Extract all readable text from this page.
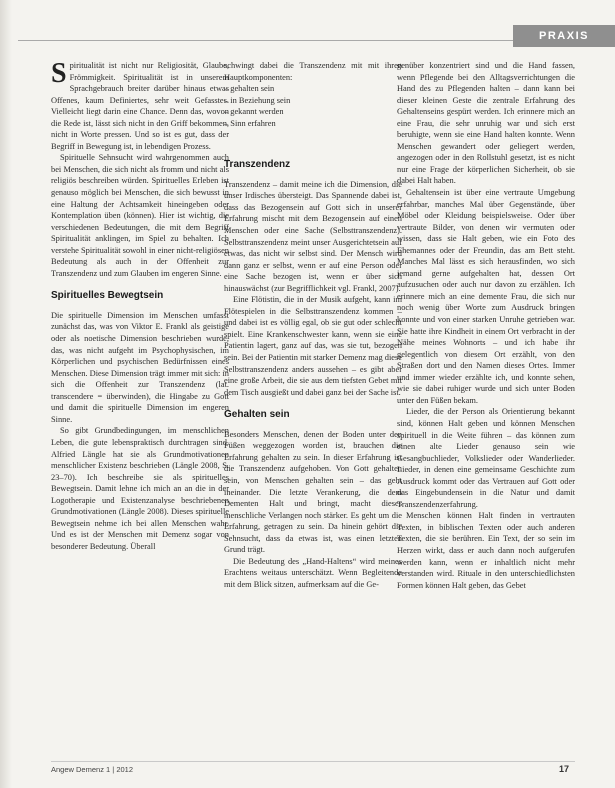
PRAXIS

Spiritualität ist nicht nur Religiosität, Glaube, Frömmigkeit. Spiritualität ist in unserem Sprachgebrauch breiter darüber hinaus etwas Offenes, kaum Definiertes, sehr weit Gefasstes. Vielleicht liegt darin eine Chance. Denn das, wovon die Rede ist, lässt sich nicht in den Griff bekommen, nicht in Worte pressen. Und so ist es gut, dass der Begriff in Bewegung ist, in lebendigen Prozess.

Spirituelle Sehnsucht wird wahrgenommen auch bei Menschen, die sich nicht als fromm und nicht als religiös beschreiben würden. Spirituelles Erleben ist genauso möglich bei Menschen, die sich bewusst in eine Haltung der Achtsamkeit hineingeben oder Kontemplation üben (können). Hier ist wichtig, die verschiedenen Bedeutungen, die mit dem Begriff Spiritualität anklingen, im Spiel zu behalten. Ich verstehe Spiritualität sowohl in einer nicht-religiösen Bedeutung als auch in der Offenheit zur Transzendenz und zum Glauben im engeren Sinne.

Spirituelles Bewegtsein

Die spirituelle Dimension im Menschen umfasst zunächst das, was von Viktor E. Frankl als geistige oder als noetische Dimension beschrieben wurde, das, was nicht aufgeht im Psychophysischen, im Körperlichen und psychischen Bedürfnissen eines Menschen. Diese Dimension trägt immer mit sich: in sich die Offenheit zur Transzendenz (lat. transcendere = überwinden), die Hingabe zu Gott und damit die spirituelle Dimension im engeren Sinne.

So gibt Grundbedingungen, im menschlichen Leben, die gute lebenspraktisch durchtragen sind. Alfried Längle hat sie als Grundmotivationen menschlicher Existenz beschrieben (Längle 2008, S. 23–70). Ich beschreibe sie als spirituelles Bewegtsein. Damit lehne ich mich an an die in der Logotherapie und Existenzanalyse beschriebenen Grundmotivationen (Längle 2008). Dieses spirituelle Bewegtsein nehme ich bei allen Menschen wahr. Und es ist der Menschen mit Demenz sogar von besonderer Bedeutung. Überall

schwingt dabei die Transzendenz mit mit ihren Hauptkomponenten:

– gehalten sein
– in Beziehung sein
– gekannt werden
– Sinn erfahren
Transzendenz

Transzendenz – damit meine ich die Dimension, die unser Irdisches übersteigt. Das Spannende dabei ist, dass das Bezogensein auf Gott sich in unserer Erfahrung mischt mit dem Bezogensein auf einen Menschen oder eine Sache (Selbsttranszendenz). Selbsttranszendenz meint unser Ausgerichtetsein auf etwas, das nicht wir selbst sind. Der Mensch wird dann ganz er selbst, wenn er auf eine Person oder eine Sache bezogen ist, wenn er über sich hinauswächst (zur Begrifflichkeit vgl. Frankl, 2007).

Eine Flötistin, die in der Musik aufgeht, kann im Flötespielen in die Selbsttranszendenz kommen – und dabei ist es völlig egal, ob sie gut oder schlecht spielt. Eine Krankenschwester kann, wenn sie eine Patientin lagert, ganz auf das, was sie tut, bezogen sein. Bei der Patientin mit starker Demenz mag diese Selbsttranszendenz anders aussehen – es gibt aber eine große Arbeit, die sie aus dem tiefsten Gebet mit dem Tisch ausgießt und dabei ganz bei der Sache ist.

Gehalten sein

Besonders Menschen, denen der Boden unter den Füßen weggezogen worden ist, brauchen die Erfahrung gehalten zu sein. In dieser Erfahrung ist die Transzendenz aufgehoben. Von Gott gehalten sein, von Menschen gehalten sein – das geht ineinander. Die letzte Verankerung, die dem Dementen Halt und bringt, macht dieses menschliche Verlangen noch stärker. Es geht um die Erfahrung, getragen zu sein. Da hinein gehört die Sehnsucht, dass da etwas ist, was einen letzten Grund trägt.

Die Bedeutung des „Hand-Haltens“ wird meines Erachtens weitaus unterschätzt. Wenn Begleitende mit dem Blick sitzen, aufmerksam auf die Ge-

genüber konzentriert sind und die Hand fassen, wenn Pflegende bei den Alltagsverrichtungen die Hand des zu Pflegenden halten – dann kann bei dieser kleinen Geste die zentrale Erfahrung des Gehaltenseins gespürt werden. Ich erinnere mich an eine Frau, die sehr unruhig war und sich erst beruhigte, wenn sie eine Hand halten konnte. Wenn Menschen gewandert oder geliegert werden, angezogen oder in den Rollstuhl gesetzt, ist es nicht nur eine Frage der körperlichen Sicherheit, ob sie dabei Halt haben.

Gehaltensein ist über eine vertraute Umgebung erfahrbar, manches Mal über Gegenstände, über Möbel oder Kleidung beispielsweise. Oder über vertraute Bilder, von denen wir vermuten oder wissen, dass sie Halt geben, wie ein Foto des Ehemannes oder der Freundin, das am Bett steht. Manches Mal lässt es sich herausfinden, wo sich jemand gerne aufgehalten hat, dessen Ort aufzusuchen oder auch nur davon zu erzählen. Ich erinnere mich an eine demente Frau, die sich nur noch wenig über Worte zum Ausdruck bringen konnte und von einer starken Unruhe getrieben war. Sie hatte ihre Kindheit in einem Ort verbracht in der Nähe meines Wohnorts – und ich habe ihr gelegentlich von diesem Ort erzählt, von den Straßen dort und den Namen dieses Ortes. Immer und immer wieder erzählte ich, und konnte sehen, wie sie dabei ruhiger wurde und sich unter Boden unter den Füßen bekam.

Lieder, die der Person als Orientierung bekannt sind, können Halt geben und können Menschen spirituell in die Weite führen – das können zum einen alte Lieder genauso sein wie Gesangbuchlieder, Volkslieder oder Wanderlieder. Lieder, in denen eine gemeinsame Geschichte zum Ausdruck kommt oder das Vertrauen auf Gott oder das Eingebundensein in die Natur und damit Transzendenzerfahrung.

Menschen können Halt finden in vertrauten Texten, in biblischen Texten oder auch anderen Texten, die sie berühren. Ein Text, der so sein im Herzen wirkt, dass er auch dann noch aufgerufen werden kann, wenn er inhaltlich nicht mehr verstanden wird. Rituale in den unterschiedlichsten Formen können Halt geben, das Gebet

Angew Demenz 1 | 2012	17
